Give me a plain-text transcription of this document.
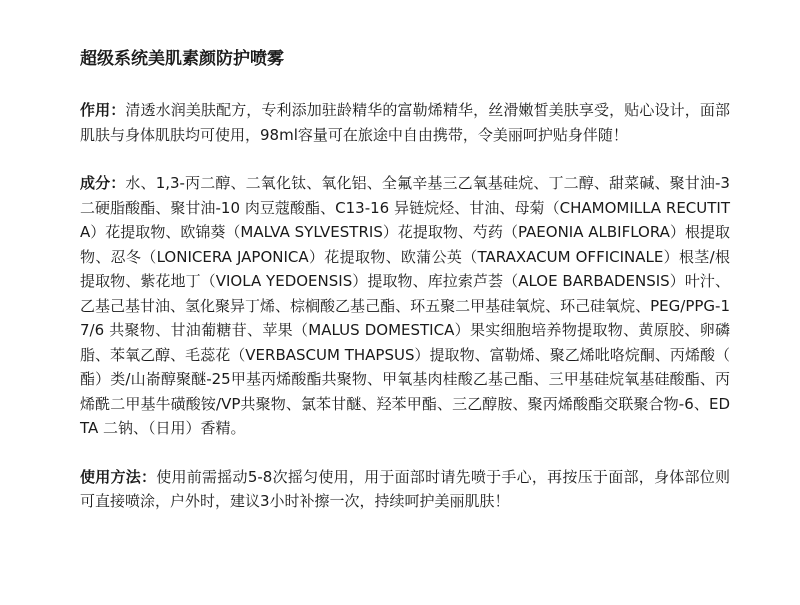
超级系统美肌素颜防护喷雾
作用：清透水润美肤配方，专利添加驻龄精华的富勒烯精华，丝滑嫩皙美肤享受，贴心设计，面部肌肤与身体肌肤均可使用，98ml容量可在旅途中自由携带，令美丽呵护贴身伴随！
成分：水、1,3-丙二醇、二氧化钛、氧化铝、全氟辛基三乙氧基硅烷、丁二醇、甜菜碱、聚甘油-3 二硬脂酸酯、聚甘油-10 肉豆蔻酸酯、C13-16 异链烷烃、甘油、母菊（CHAMOMILLA RECUTITA）花提取物、欧锦葵（MALVA SYLVESTRIS）花提取物、芍药（PAEONIA ALBIFLORA）根提取物、忍冬（LONICERA JAPONICA）花提取物、欧蒲公英（TARAXACUM OFFICINALE）根茎/根提取物、紫花地丁（VIOLA YEDOENSIS）提取物、库拉索芦荟（ALOE BARBADENSIS）叶汁、乙基己基甘油、氢化聚异丁烯、棕榈酸乙基己酯、环五聚二甲基硅氧烷、环己硅氧烷、PEG/PPG-17/6 共聚物、甘油葡糖苷、苹果（MALUS DOMESTICA）果实细胞培养物提取物、黄原胶、卵磷脂、苯氧乙醇、毛蕊花（VERBASCUM THAPSUS）提取物、富勒烯、聚乙烯吡咯烷酮、丙烯酸（酯）类/山嵛醇聚醚-25甲基丙烯酸酯共聚物、甲氧基肉桂酸乙基己酯、三甲基硅烷氧基硅酸酯、丙烯酰二甲基牛磺酸铵/VP共聚物、氯苯甘醚、羟苯甲酯、三乙醇胺、聚丙烯酸酯交联聚合物-6、EDTA 二钠、（日用）香精。
使用方法：使用前需摇动5-8次摇匀使用，用于面部时请先喷于手心，再按压于面部，身体部位则可直接喷涂，户外时，建议3小时补擦一次，持续呵护美丽肌肤！
